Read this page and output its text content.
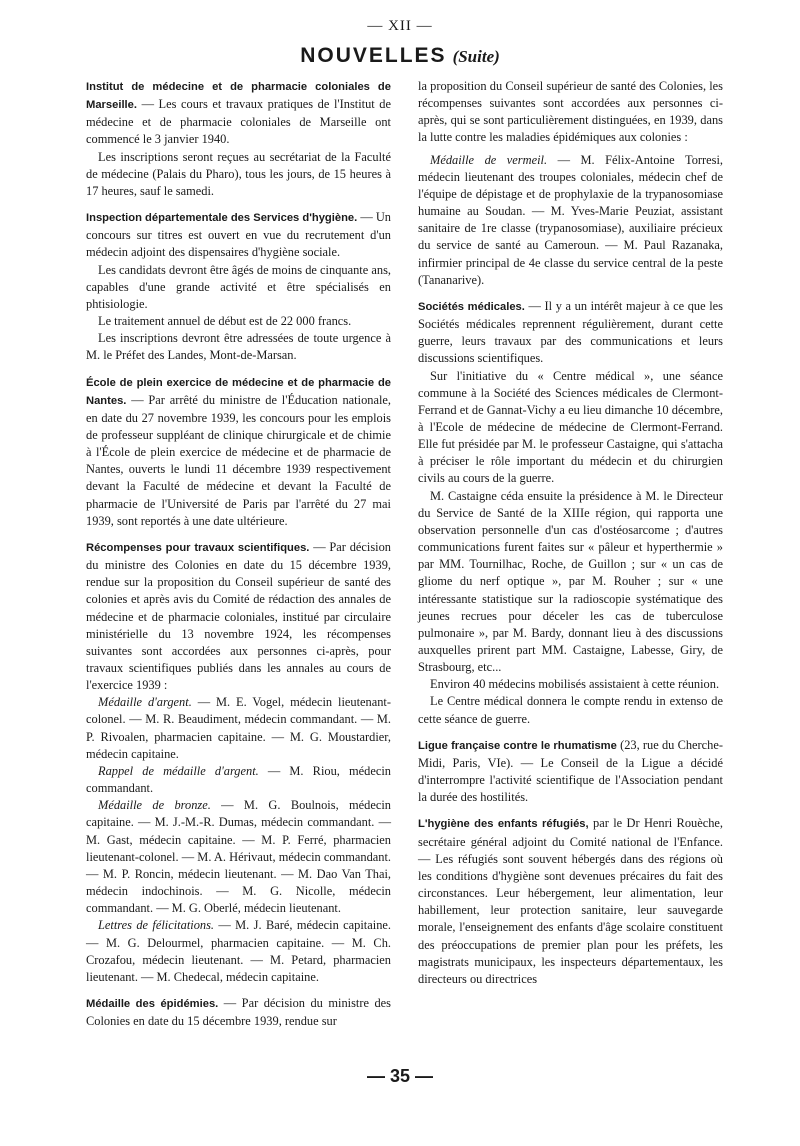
— XII —
NOUVELLES (Suite)

Institut de médecine et de pharmacie coloniales de Marseille. — Les cours et travaux pratiques de l'Institut de médecine et de pharmacie coloniales de Marseille ont commencé le 3 janvier 1940.

Les inscriptions seront reçues au secrétariat de la Faculté de médecine (Palais du Pharo), tous les jours, de 15 heures à 17 heures, sauf le samedi.

Inspection départementale des Services d'hygiène. — Un concours sur titres est ouvert en vue du recrutement d'un médecin adjoint des dispensaires d'hygiène sociale.

Les candidats devront être âgés de moins de cinquante ans, capables d'une grande activité et être spécialisés en phtisiologie.

Le traitement annuel de début est de 22 000 francs.

Les inscriptions devront être adressées de toute urgence à M. le Préfet des Landes, Mont-de-Marsan.

École de plein exercice de médecine et de pharmacie de Nantes. — Par arrêté du ministre de l'Éducation nationale, en date du 27 novembre 1939, les concours pour les emplois de professeur suppléant de clinique chirurgicale et de chimie à l'École de plein exercice de médecine et de pharmacie de Nantes, ouverts le lundi 11 décembre 1939 respectivement devant la Faculté de médecine et devant la Faculté de pharmacie de l'Université de Paris par l'arrêté du 27 mai 1939, sont reportés à une date ultérieure.

Récompenses pour travaux scientifiques. — Par décision du ministre des Colonies en date du 15 décembre 1939, rendue sur la proposition du Conseil supérieur de santé des colonies et après avis du Comité de rédaction des annales de médecine et de pharmacie coloniales, institué par circulaire ministérielle du 13 novembre 1924, les récompenses suivantes sont accordées aux personnes ci-après, pour travaux scientifiques publiés dans les annales au cours de l'exercice 1939 :

Médaille d'argent. — M. E. Vogel, médecin lieutenant-colonel. — M. R. Beaudiment, médecin commandant. — M. P. Rivoalen, pharmacien capitaine. — M. G. Moustardier, médecin capitaine.

Rappel de médaille d'argent. — M. Riou, médecin commandant.

Médaille de bronze. — M. G. Boulnois, médecin capitaine. — M. J.-M.-R. Dumas, médecin commandant. — M. Gast, médecin capitaine. — M. P. Ferré, pharmacien lieutenant-colonel. — M. A. Hérivaut, médecin commandant. — M. P. Roncin, médecin lieutenant. — M. Dao Van Thai, médecin indochinois. — M. G. Nicolle, médecin commandant. — M. G. Oberlé, médecin lieutenant.

Lettres de félicitations. — M. J. Baré, médecin capitaine. — M. G. Delourmel, pharmacien capitaine. — M. Ch. Crozafou, médecin lieutenant. — M. Petard, pharmacien lieutenant. — M. Chedecal, médecin capitaine.

Médaille des épidémies. — Par décision du ministre des Colonies en date du 15 décembre 1939, rendue sur

la proposition du Conseil supérieur de santé des Colonies, les récompenses suivantes sont accordées aux personnes ci-après, qui se sont particulièrement distinguées, en 1939, dans la lutte contre les maladies épidémiques aux colonies :

Médaille de vermeil. — M. Félix-Antoine Torresi, médecin lieutenant des troupes coloniales, médecin chef de l'équipe de dépistage et de prophylaxie de la trypanosomiase humaine au Soudan. — M. Yves-Marie Peuziat, assistant sanitaire de 1re classe (trypanosomiase), auxiliaire précieux du service de santé au Cameroun. — M. Paul Razanaka, infirmier principal de 4e classe du service central de la peste (Tananarive).

Sociétés médicales. — Il y a un intérêt majeur à ce que les Sociétés médicales reprennent régulièrement, durant cette guerre, leurs travaux par des communications et leurs discussions scientifiques.

Sur l'initiative du « Centre médical », une séance commune à la Société des Sciences médicales de Clermont-Ferrand et de Gannat-Vichy a eu lieu dimanche 10 décembre, à l'Ecole de médecine de médecine de Clermont-Ferrand. Elle fut présidée par M. le professeur Castaigne, qui s'attacha à préciser le rôle important du médecin et du chirurgien civils au cours de la guerre.

M. Castaigne céda ensuite la présidence à M. le Directeur du Service de Santé de la XIIIe région, qui rapporta une observation personnelle d'un cas d'ostéosarcome ; d'autres communications furent faites sur « pâleur et hyperthermie » par MM. Tournilhac, Roche, de Guillon ; sur « un cas de gliome du nerf optique », par M. Rouher ; sur « une intéressante statistique sur la radioscopie systématique des jeunes recrues pour déceler les cas de tuberculose pulmonaire », par M. Bardy, donnant lieu à des discussions auxquelles prirent part MM. Castaigne, Labesse, Giry, de Strasbourg, etc...

Environ 40 médecins mobilisés assistaient à cette réunion.

Le Centre médical donnera le compte rendu in extenso de cette séance de guerre.

Ligue française contre le rhumatisme (23, rue du Cherche-Midi, Paris, VIe). — Le Conseil de la Ligue a décidé d'interrompre l'activité scientifique de l'Association pendant la durée des hostilités.

L'hygiène des enfants réfugiés, par le Dr Henri Rouèche, secrétaire général adjoint du Comité national de l'Enfance. — Les réfugiés sont souvent hébergés dans des régions où les conditions d'hygiène sont devenues précaires du fait des circonstances. Leur hébergement, leur alimentation, leur habillement, leur protection sanitaire, leur sauvegarde morale, l'enseignement des enfants d'âge scolaire constituent des préoccupations de premier plan pour les préfets, les magistrats municipaux, les inspecteurs départementaux, les directeurs ou directrices

— 35 —
